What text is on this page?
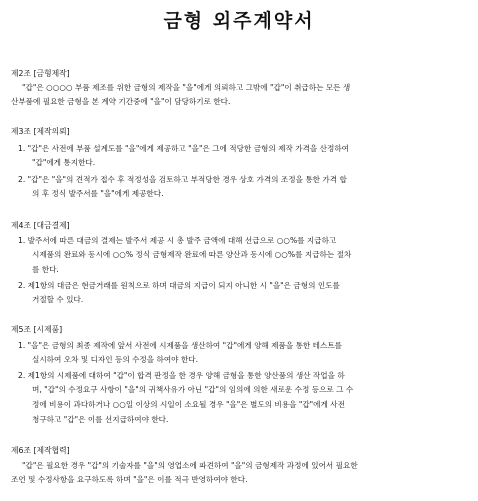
금형 외주계약서
제2조 [금형제작]
"갑"은 ○○○○ 부품 제조를 위한 금형의 제작을 "을"에게 의뢰하고 그밖에 "갑"이 취급하는 모든 생
산부품에 필요한 금형을 본 계약 기간중에 "을"이 담당하기로 한다.
제3조 [제작의뢰]
1. "갑"은 사전에 부품 설계도를 "을"에게 제공하고 "을"은 그에 적당한 금형의 제작 가격을 산정하여
"갑"에게 통지한다.
2. "갑"은 "을"의 견적가 접수 후 적정성을 검토하고 부적당한 경우 상호 가격의 조정을 통한 가격 합
의 후 정식 발주서를 "을"에게 제공한다.
제4조 [대금결제]
1. 발주서에 따른 대금의 결제는 발주서 제공 시 총 발주 금액에 대해 선급으로 ○○%를 지급하고
시제품의 완료와 동시에 ○○% 정식 금형제작 완료에 따른 양산과 동시에 ○○%를 지급하는 절차
를 한다.
2. 제1항의 대금은 현금거래를 원칙으로 하며 대금의 지급이 되지 아니한 시 "을"은 금형의 인도를
거절할 수 있다.
제5조 [시제품]
1. "을"은 금형의 최종 제작에 앞서 사전에 시제품을 생산하여 "갑"에게 양해 제품을 통한 테스트를
실시하여 오차 및 디자인 등의 수정을 하여야 한다.
2. 제1항의 시제품에 대하여 "갑"이 합격 판정을 한 경우 양해 금형을 통한 양산품의 생산 작업을 하
며, "갑"의 수정요구 사항이 "을"의 귀책사유가 아닌 "갑"의 임의에 의한 새로운 수정 등으로 그 수
정에 비용이 과다하거나 ○○일 이상의 시일이 소요될 경우 "을"은 별도의 비용을 "갑"에게 사전
청구하고 "갑"은 이를 선지급하여야 한다.
제6조 [제작협력]
"갑"은 필요한 경우 "갑"의 기술자를 "을"의 영업소에 파견하여 "을"의 금형제작 과정에 있어서 필요한
조언 및 수정사항을 요구하도록 하며 "을"은 이를 적극 반영하여야 한다.
